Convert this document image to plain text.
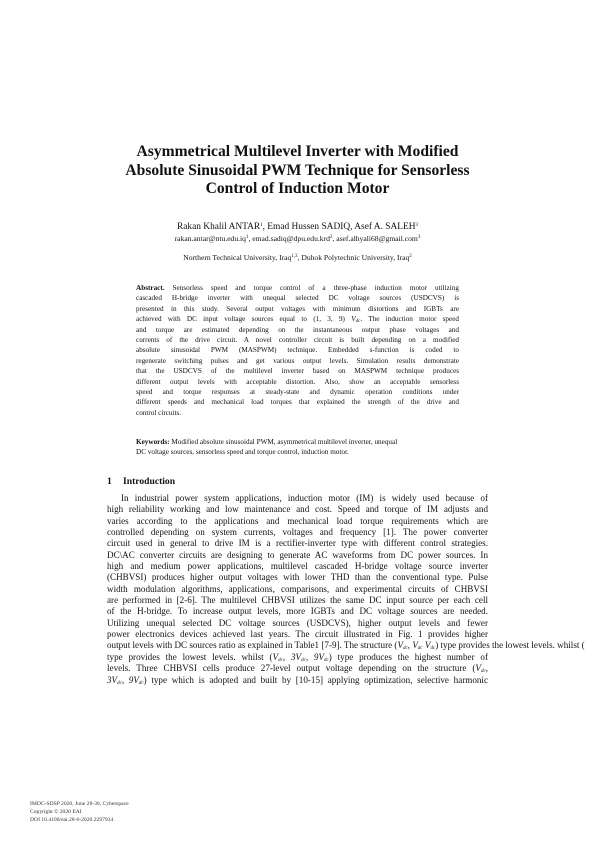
Asymmetrical Multilevel Inverter with Modified
Absolute Sinusoidal PWM Technique for Sensorless
Control of Induction Motor
Rakan Khalil ANTAR$^1$, Emad Hussen SADIQ, Asef A. SALEH$^3$
$rakan.antar@ntu.edu.iq^1$, emad.sadiq@dpu.edu.krd$^2$, asef.alhyali68@gmail.com$^3$
Northern Technical University, Iraq$^{1,3}$, Duhok Polytechnic University, Iraq$^2$
Abstract. Sensorless speed and torque control of a three-phase induction motor utilizing
cascaded H-bridge inverter with unequal selected DC voltage sources (USDCVS) is
presented in this study. Several output voltages with minimum distortions and IGBTs are
achieved with DC input voltage sources equal to (1, 3, 9) $V_{dc}$. The induction motor speed
and torque are estimated depending on the instantaneous output phase voltages and
currents of the drive circuit. A novel controller circuit is built depending on a modified
absolute sinusoidal PWM (MASPWM) technique. Embedded s-function is coded to
regenerate switching pulses and get various output levels. Simulation results demonstrate
that the USDCVS of the multilevel inverter based on MASPWM technique produces
different output levels with acceptable distortion. Also, show an acceptable sensorless
speed and torque responses at steady-state and dynamic operation conditions under
different speeds and mechanical load torques that explained the strength of the drive and
control circuits.
Keywords: Modified absolute sinusoidal PWM, asymmetrical multilevel inverter, unequal
DC voltage sources, sensorless speed and torque control, induction motor.
1 Introduction
In industrial power system applications, induction motor (IM) is widely used because of
high reliability working and low maintenance and cost. Speed and torque of IM adjusts and
varies according to the applications and mechanical load torque requirements which are
controlled depending on system currents, voltages and frequency [1]. The power converter
circuit used in general to drive IM is a rectifier-inverter type with different control strategies.
DC\AC converter circuits are designing to generate AC waveforms from DC power sources. In
high and medium power applications, multilevel cascaded H-bridge voltage source inverter
(CHBVSI) produces higher output voltages with lower THD than the conventional type. Pulse
width modulation algorithms, applications, comparisons, and experimental circuits of CHBVSI
are performed in [2-6]. The multilevel CHBVSI utilizes the same DC input source per each cell
of the H-bridge. To increase output levels, more IGBTs and DC voltage sources are needed.
Utilizing unequal selected DC voltage sources (USDCVS), higher output levels and fewer
power electronics devices achieved last years. The circuit illustrated in Fig. 1 provides higher
output levels with DC sources ratio as explained in Table1 [7-9]. The structure ($V_{dc}$, $V_{dc}$ $V_{dc}$) type provides the lowest levels. whilst (
type provides the lowest levels. whilst ($V_{dc}$, $3V_{dc}$, $9V_{dc}$) type produces the highest number of
levels. Three CHBVSI cells produce 27-level output voltage depending on the structure ($V_{dc}$,
$3V_{dc}$, $9V_{dc}$) type which is adopted and built by [10-15] applying optimization, selective harmonic
IMDC-SDSP 2020, June 28-30, Cyberspace
Copyright © 2020 EAI
DOI 10.4108/eai.28-6-2020.2297934
